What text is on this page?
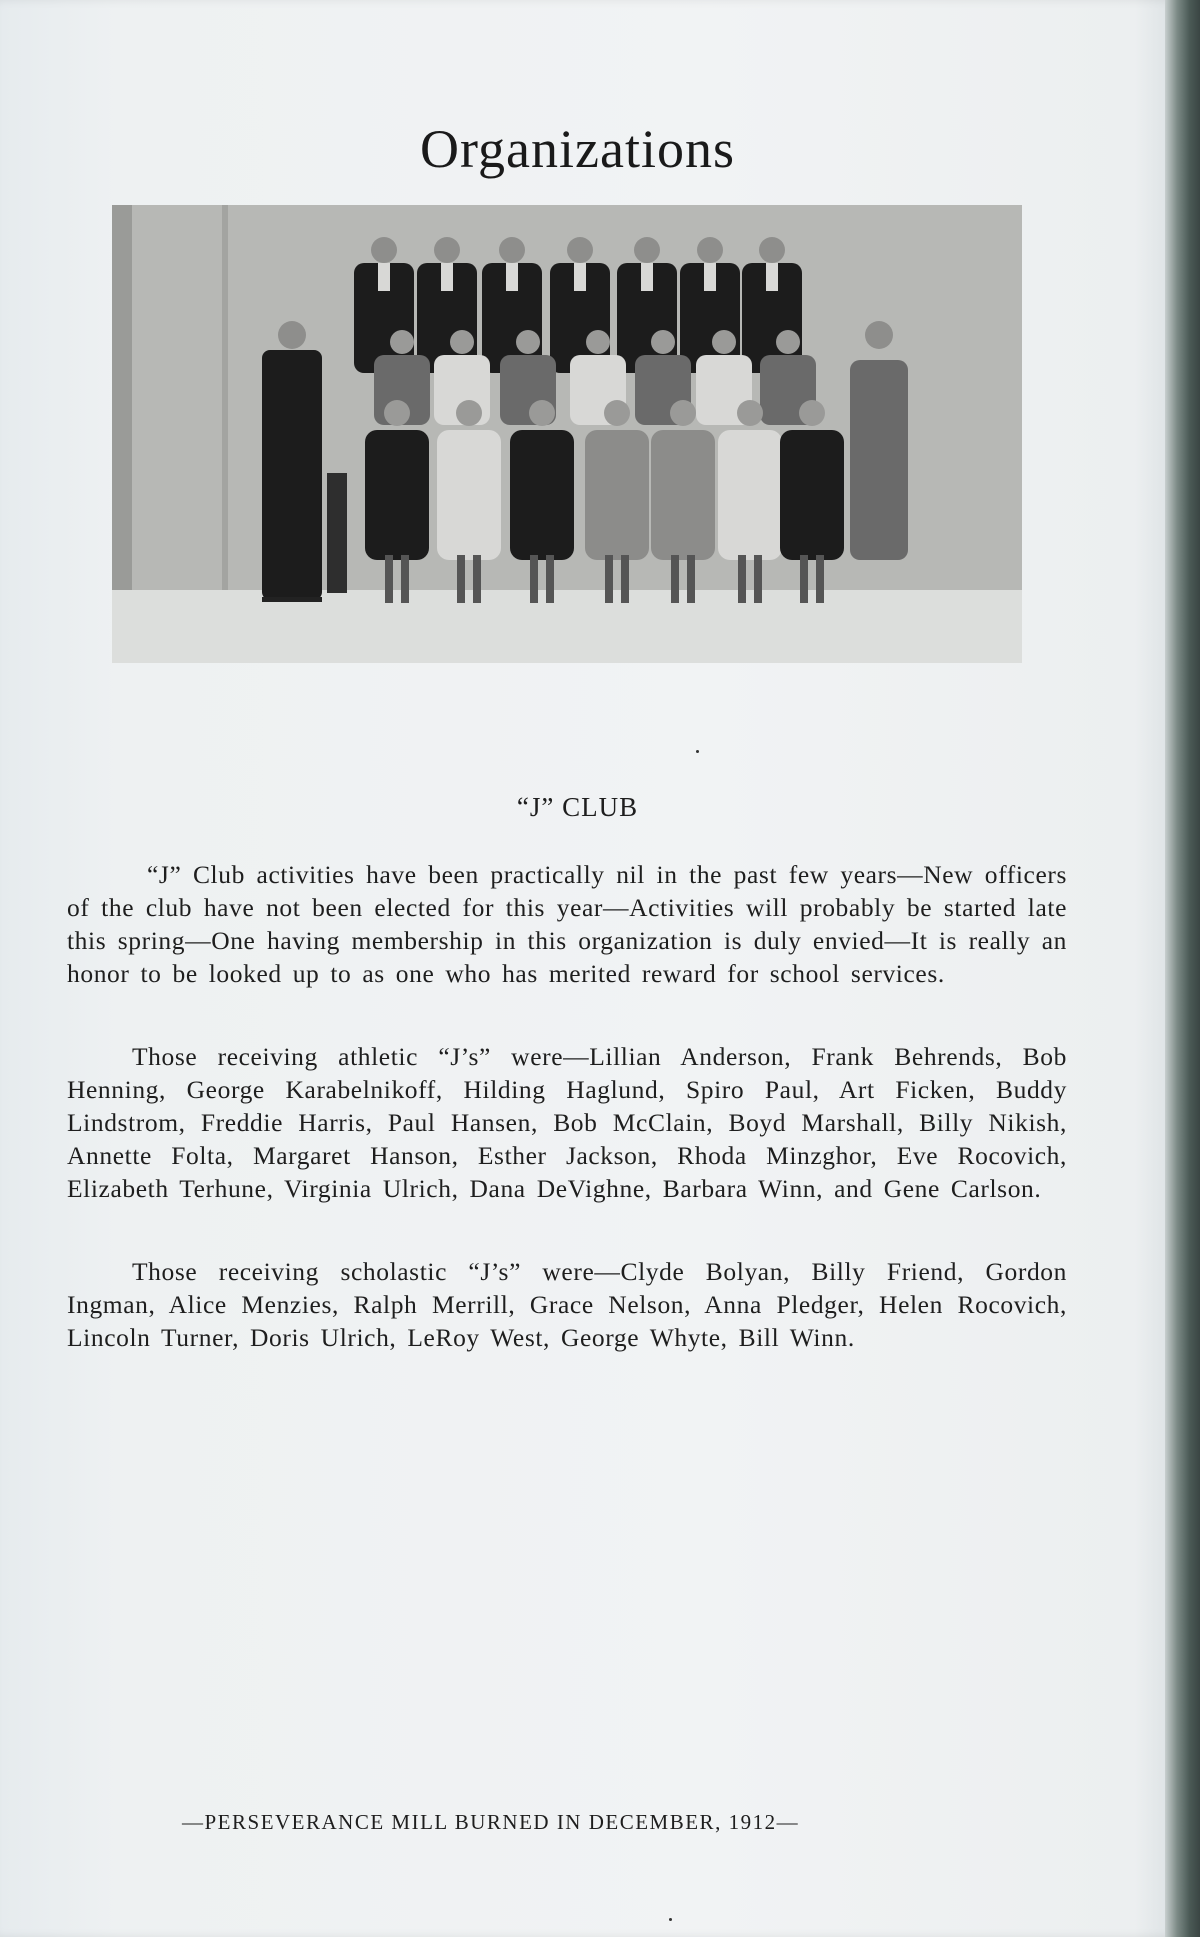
Organizations
“J” CLUB
“J” Club activities have been practically nil in the past few years—New officers of the club have not been elected for this year—Activities will probably be started late this spring—One having membership in this organization is duly envied—It is really an honor to be looked up to as one who has merited reward for school services.
Those receiving athletic “J’s” were—Lillian Anderson, Frank Behrends, Bob Henning, George Karabelnikoff, Hilding Haglund, Spiro Paul, Art Ficken, Buddy Lindstrom, Freddie Harris, Paul Hansen, Bob McClain, Boyd Marshall, Billy Nikish, Annette Folta, Margaret Hanson, Esther Jackson, Rhoda Minzghor, Eve Rocovich, Elizabeth Terhune, Virginia Ulrich, Dana DeVighne, Barbara Winn, and Gene Carlson.
Those receiving scholastic “J’s” were—Clyde Bolyan, Billy Friend, Gordon Ingman, Alice Menzies, Ralph Merrill, Grace Nelson, Anna Pledger, Helen Rocovich, Lincoln Turner, Doris Ulrich, LeRoy West, George Whyte, Bill Winn.
—PERSEVERANCE MILL BURNED IN DECEMBER, 1912—
